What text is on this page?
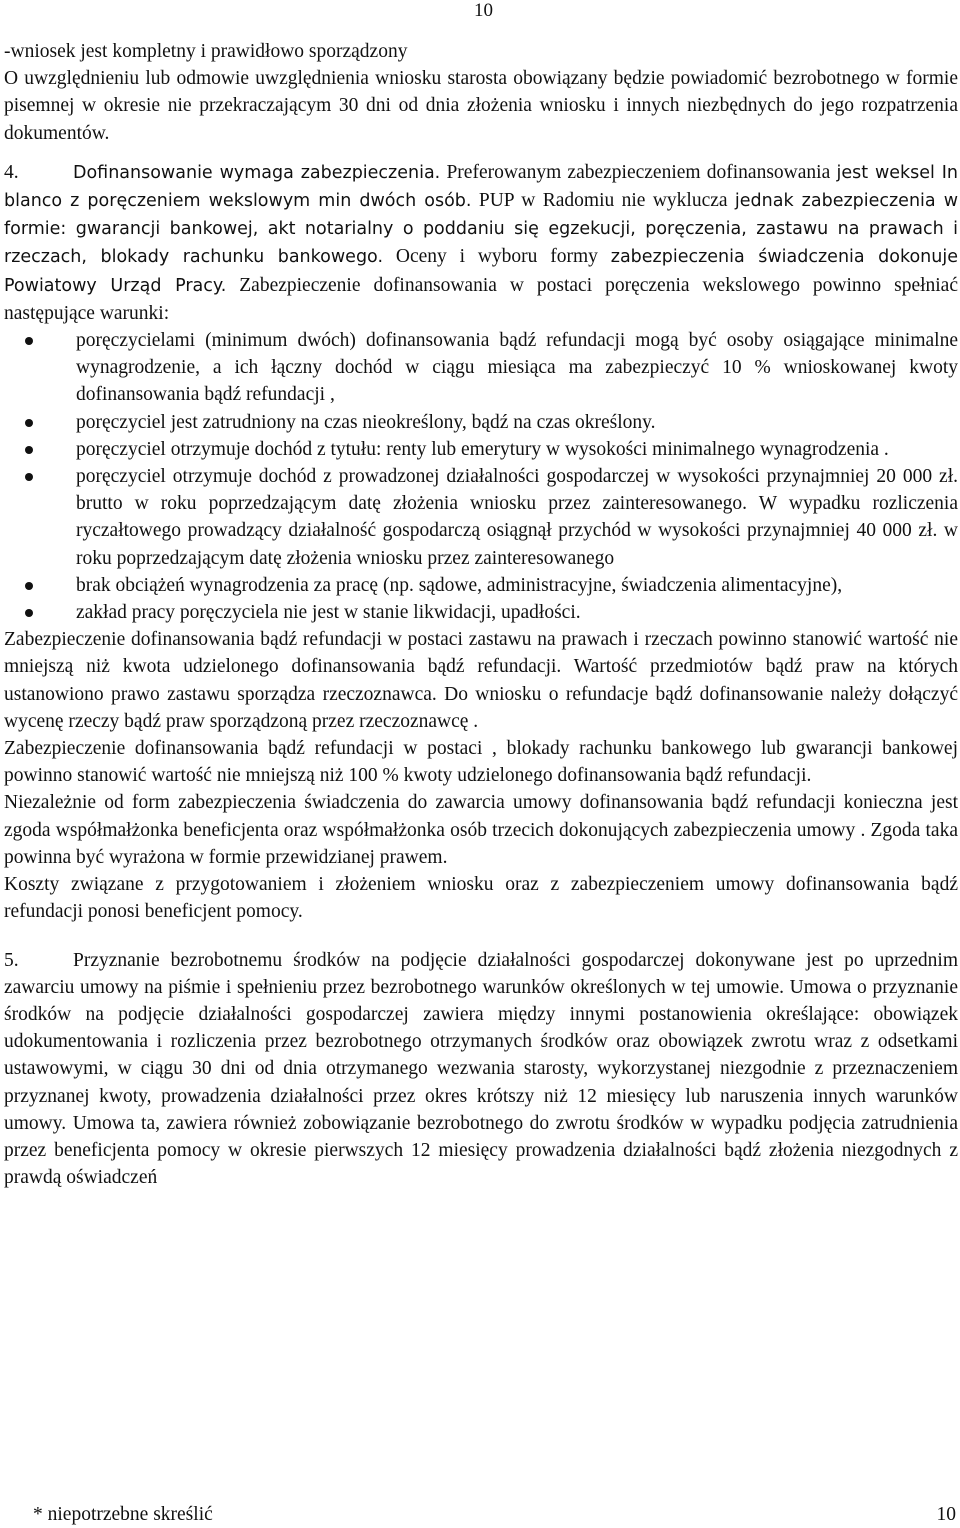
10

-wniosek jest kompletny i prawidłowo sporządzony

O uwzględnieniu lub odmowie uwzględnienia wniosku starosta obowiązany będzie powiadomić bezrobotnego w formie pisemnej w okresie nie przekraczającym 30 dni od dnia złożenia wniosku i innych niezbędnych do jego rozpatrzenia dokumentów.

4.	Dofinansowanie wymaga zabezpieczenia. Preferowanym zabezpieczeniem dofinansowania jest weksel In blanco z poręczeniem wekslowym min dwóch osób. PUP w Radomiu nie wyklucza jednak zabezpieczenia w formie: gwarancji bankowej, akt notarialny o poddaniu się egzekucji, poręczenia, zastawu na prawach i rzeczach, blokady rachunku bankowego. Oceny i wyboru formy zabezpieczenia świadczenia dokonuje Powiatowy Urząd Pracy. Zabezpieczenie dofinansowania w postaci poręczenia wekslowego powinno spełniać następujące warunki:

poręczycielami (minimum dwóch) dofinansowania bądź refundacji mogą być osoby osiągające minimalne wynagrodzenie, a ich łączny dochód w ciągu miesiąca ma zabezpieczyć 10 % wnioskowanej kwoty dofinansowania bądź refundacji ,
poręczyciel jest zatrudniony na czas nieokreślony, bądź na czas określony.
poręczyciel otrzymuje dochód z tytułu: renty lub emerytury w wysokości minimalnego wynagrodzenia .
poręczyciel otrzymuje dochód z prowadzonej działalności gospodarczej w wysokości przynajmniej 20 000 zł. brutto w roku poprzedzającym datę złożenia wniosku przez zainteresowanego. W wypadku rozliczenia ryczałtowego prowadzący działalność gospodarczą osiągnął przychód w wysokości przynajmniej 40 000 zł. w roku poprzedzającym datę złożenia wniosku przez zainteresowanego
brak obciążeń wynagrodzenia za pracę (np. sądowe, administracyjne, świadczenia alimentacyjne),
zakład pracy poręczyciela nie jest w stanie likwidacji, upadłości.

Zabezpieczenie dofinansowania bądź refundacji w postaci zastawu na prawach i rzeczach powinno stanowić wartość nie mniejszą niż kwota udzielonego dofinansowania bądź refundacji. Wartość przedmiotów bądź praw na których ustanowiono prawo zastawu sporządza rzeczoznawca. Do wniosku o refundacje bądź dofinansowanie należy dołączyć wycenę rzeczy bądź praw sporządzoną przez rzeczoznawcę .

Zabezpieczenie dofinansowania bądź refundacji w postaci , blokady rachunku bankowego lub gwarancji bankowej powinno stanowić wartość nie mniejszą niż 100 % kwoty udzielonego dofinansowania bądź refundacji.

Niezależnie od form zabezpieczenia świadczenia do zawarcia umowy dofinansowania bądź refundacji konieczna jest zgoda współmałżonka beneficjenta oraz współmałżonka osób trzecich dokonujących zabezpieczenia umowy . Zgoda taka powinna być wyrażona w formie przewidzianej prawem.

Koszty związane z przygotowaniem i złożeniem wniosku oraz z zabezpieczeniem umowy dofinansowania bądź refundacji ponosi beneficjent pomocy.

5.	Przyznanie bezrobotnemu środków na podjęcie działalności gospodarczej dokonywane jest po uprzednim zawarciu umowy na piśmie i spełnieniu przez bezrobotnego warunków określonych w tej umowie. Umowa o przyznanie środków na podjęcie działalności gospodarczej zawiera między innymi postanowienia określające: obowiązek udokumentowania i rozliczenia przez bezrobotnego otrzymanych środków oraz obowiązek zwrotu wraz z odsetkami ustawowymi, w ciągu 30 dni od dnia otrzymanego wezwania starosty, wykorzystanej niezgodnie z przeznaczeniem przyznanej kwoty, prowadzenia działalności przez okres krótszy niż 12 miesięcy lub naruszenia innych warunków umowy. Umowa ta, zawiera również zobowiązanie bezrobotnego do zwrotu środków w wypadku podjęcia zatrudnienia przez beneficjenta pomocy w okresie pierwszych 12 miesięcy prowadzenia działalności bądź złożenia niezgodnych z prawdą oświadczeń

* niepotrzebne skreślić	10
